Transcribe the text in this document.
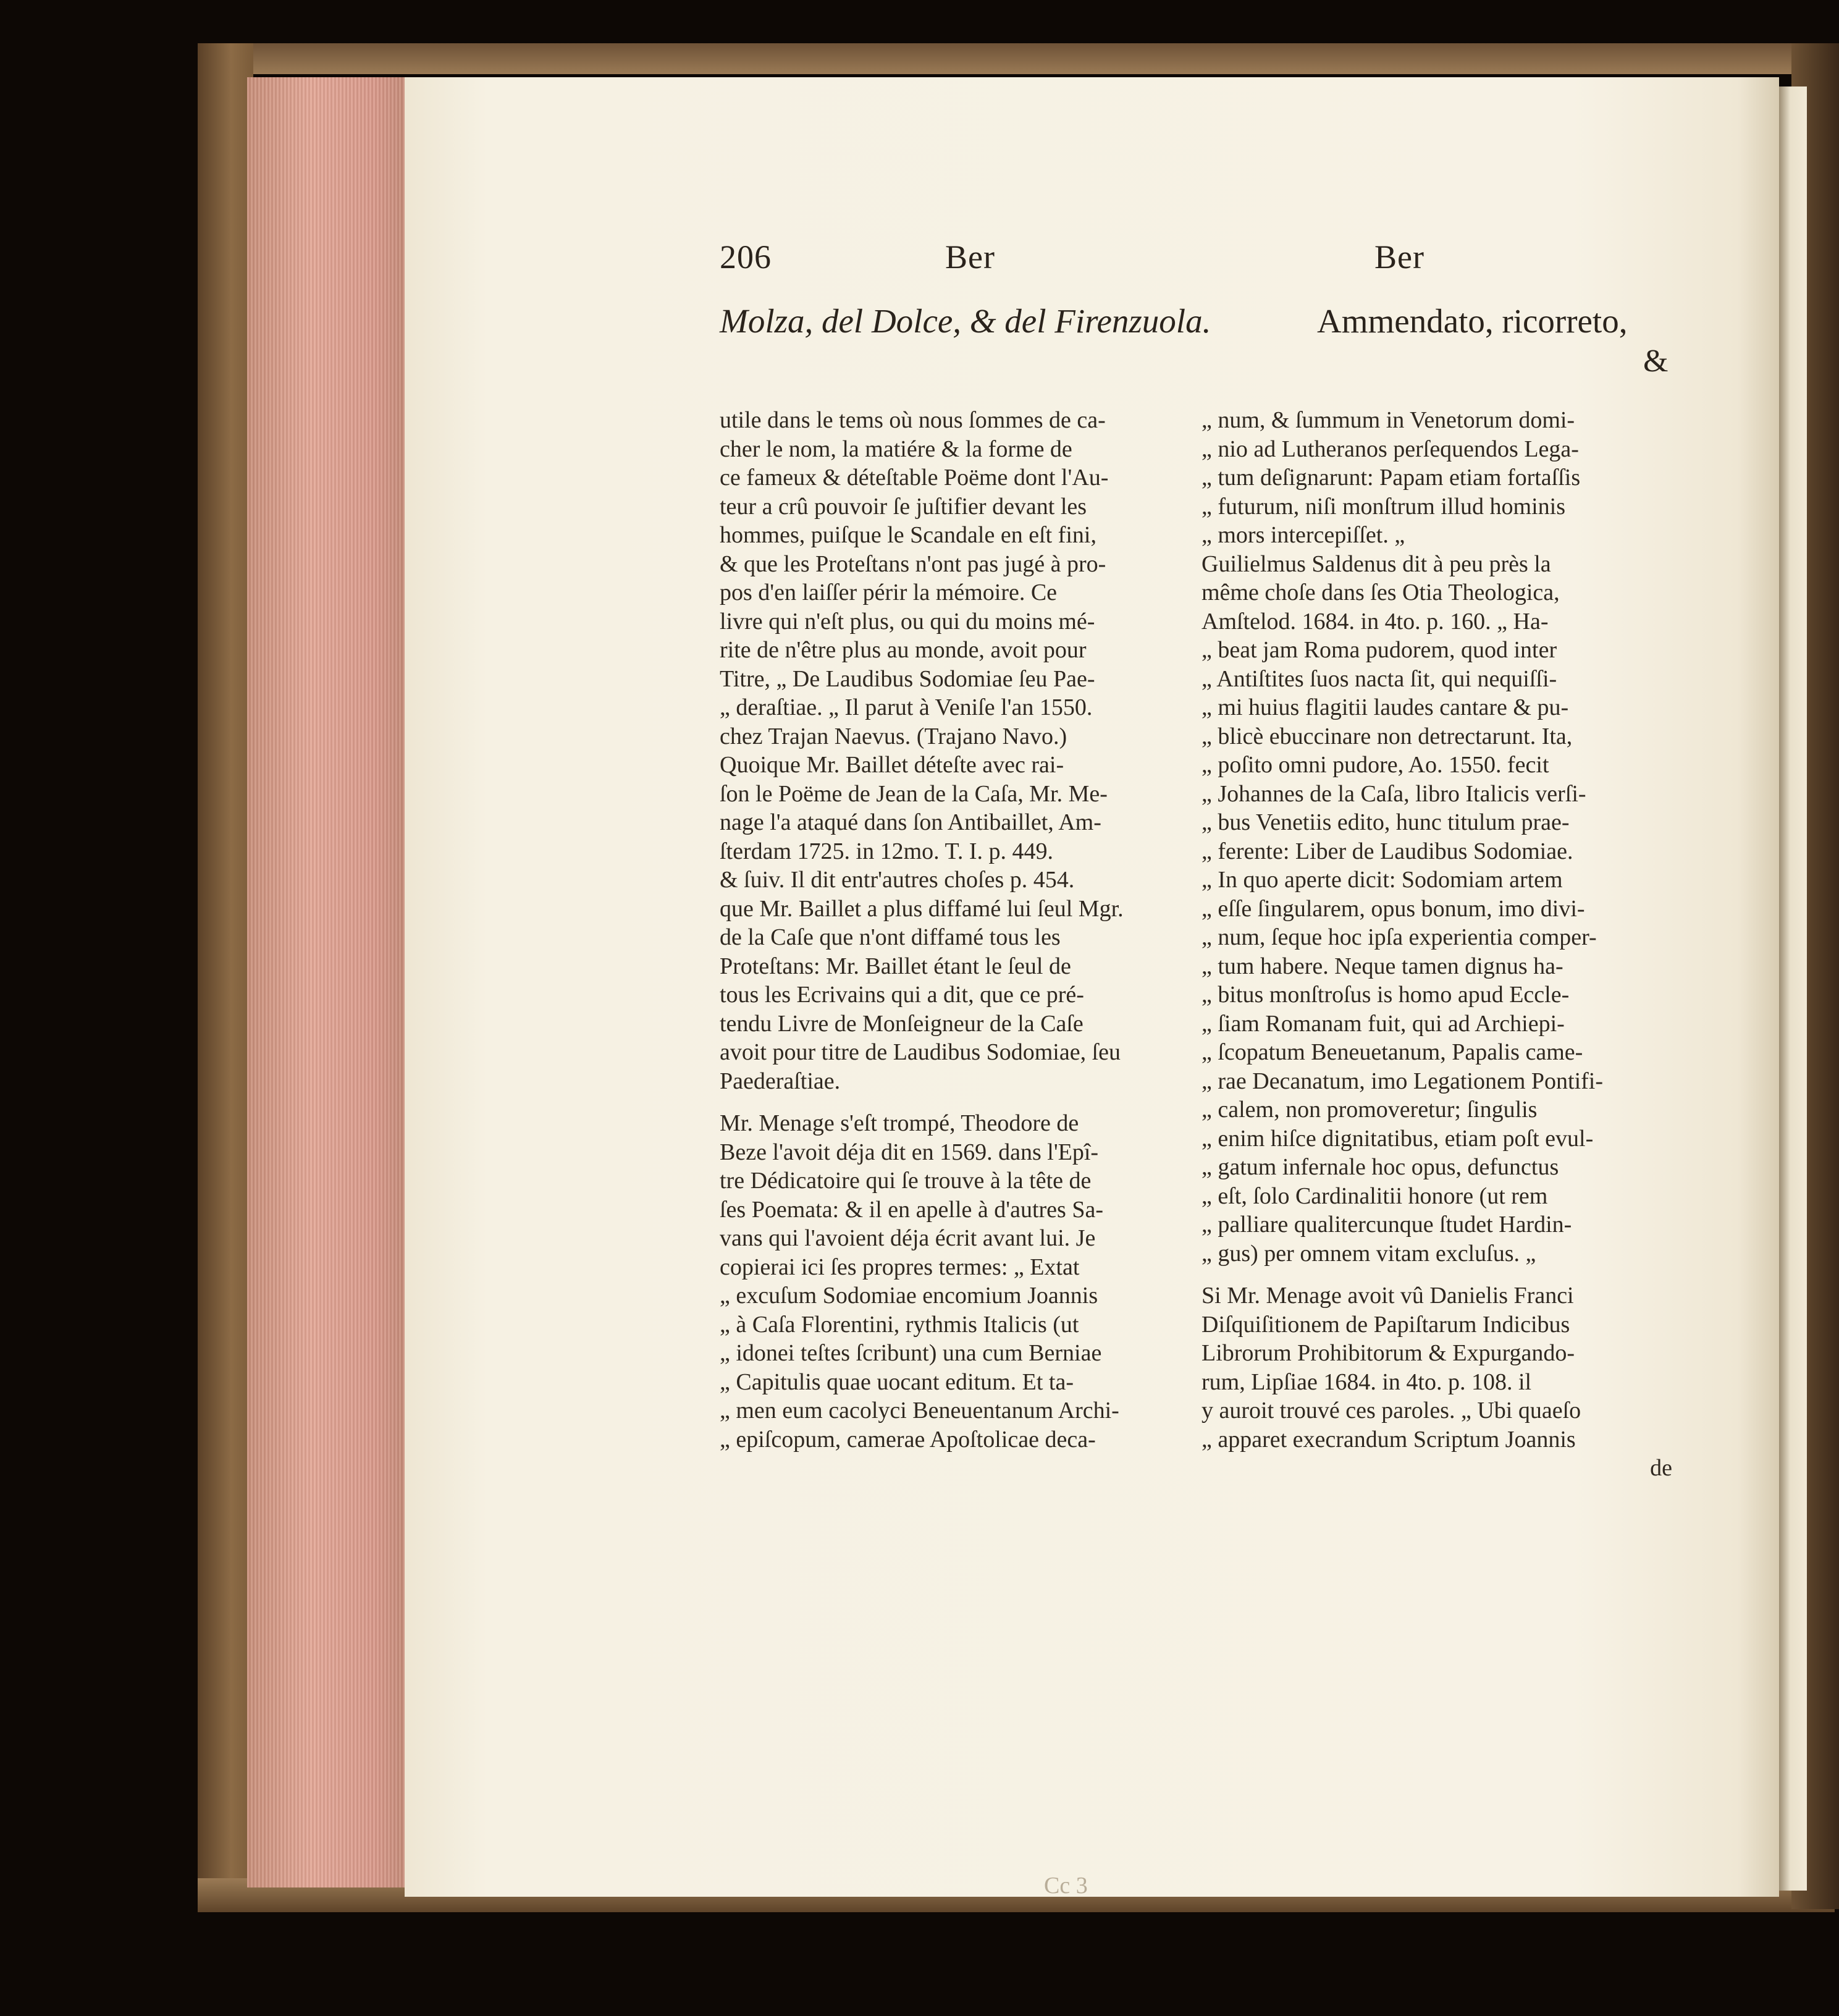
206	Ber	Ber
Molza, del Dolce, & del Firenzuola.	Ammendato, ricorreto,
&
utile dans le tems où nous ſommes de ca-
cher le nom, la matiére & la forme de
ce fameux & déteſtable Poëme dont l'Au-
teur a crû pouvoir ſe juſtifier devant les
hommes, puiſque le Scandale en eſt fini,
& que les Proteſtans n'ont pas jugé à pro-
pos d'en laiſſer périr la mémoire. Ce
livre qui n'eſt plus, ou qui du moins mé-
rite de n'être plus au monde, avoit pour
Titre, „ De Laudibus Sodomiae ſeu Pae-
„ deraſtiae. „ Il parut à Veniſe l'an 1550.
chez Trajan Naevus. (Trajano Navo.)
Quoique Mr. Baillet déteſte avec rai-
ſon le Poëme de Jean de la Caſa, Mr. Me-
nage l'a ataqué dans ſon Antibaillet, Am-
ſterdam 1725. in 12mo. T. I. p. 449.
& ſuiv. Il dit entr'autres choſes p. 454.
que Mr. Baillet a plus diffamé lui ſeul Mgr.
de la Caſe que n'ont diffamé tous les
Proteſtans: Mr. Baillet étant le ſeul de
tous les Ecrivains qui a dit, que ce pré-
tendu Livre de Monſeigneur de la Caſe
avoit pour titre de Laudibus Sodomiae, ſeu
Paederaſtiae.
Mr. Menage s'eſt trompé, Theodore de
Beze l'avoit déja dit en 1569. dans l'Epî-
tre Dédicatoire qui ſe trouve à la tête de
ſes Poemata: & il en apelle à d'autres Sa-
vans qui l'avoient déja écrit avant lui. Je
copierai ici ſes propres termes: „ Extat
„ excuſum Sodomiae encomium Joannis
„ à Caſa Florentini, rythmis Italicis (ut
„ idonei teſtes ſcribunt) una cum Berniae
„ Capitulis quae uocant editum. Et ta-
„ men eum cacolyci Beneuentanum Archi-
„ epiſcopum, camerae Apoſtolicae deca-
„ num, & ſummum in Venetorum domi-
„ nio ad Lutheranos perſequendos Lega-
„ tum deſignarunt: Papam etiam fortaſſis
„ futurum, niſi monſtrum illud hominis
„ mors intercepiſſet. „
Guilielmus Saldenus dit à peu près la
même choſe dans ſes Otia Theologica,
Amſtelod. 1684. in 4to. p. 160. „ Ha-
„ beat jam Roma pudorem, quod inter
„ Antiſtites ſuos nacta ſit, qui nequiſſi-
„ mi huius flagitii laudes cantare & pu-
„ blicè ebuccinare non detrectarunt. Ita,
„ poſito omni pudore, Ao. 1550. fecit
„ Johannes de la Caſa, libro Italicis verſi-
„ bus Venetiis edito, hunc titulum prae-
„ ferente: Liber de Laudibus Sodomiae.
„ In quo aperte dicit: Sodomiam artem
„ eſſe ſingularem, opus bonum, imo divi-
„ num, ſeque hoc ipſa experientia comper-
„ tum habere. Neque tamen dignus ha-
„ bitus monſtroſus is homo apud Eccle-
„ ſiam Romanam fuit, qui ad Archiepi-
„ ſcopatum Beneuetanum, Papalis came-
„ rae Decanatum, imo Legationem Pontifi-
„ calem, non promoveretur; ſingulis
„ enim hiſce dignitatibus, etiam poſt evul-
„ gatum infernale hoc opus, defunctus
„ eſt, ſolo Cardinalitii honore (ut rem
„ palliare qualitercunque ſtudet Hardin-
„ gus) per omnem vitam excluſus. „
Si Mr. Menage avoit vû Danielis Franci
Diſquiſitionem de Papiſtarum Indicibus
Librorum Prohibitorum & Expurgando-
rum, Lipſiae 1684. in 4to. p. 108. il
y auroit trouvé ces paroles. „ Ubi quaeſo
„ apparet execrandum Scriptum Joannis
de
Cc 3
